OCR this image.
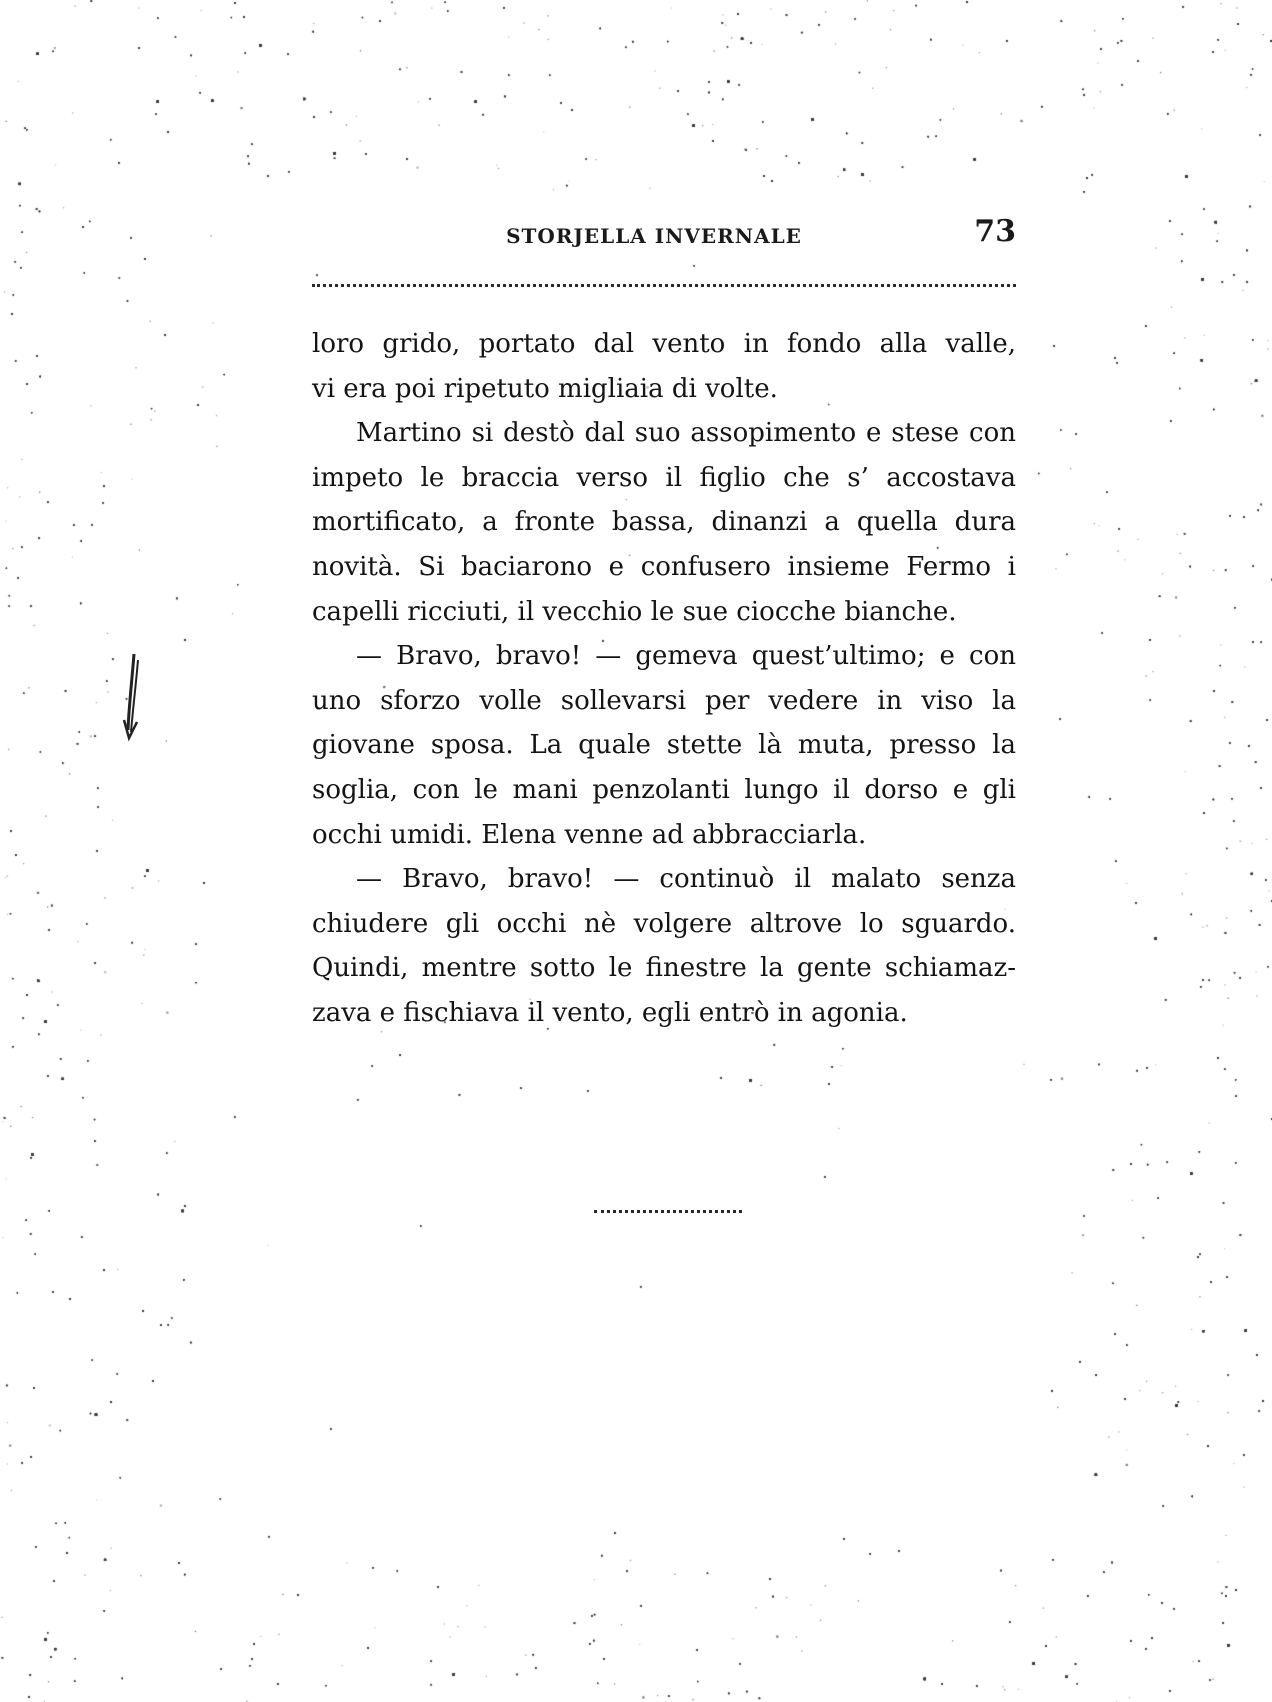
STORJELLA INVERNALE	73
loro grido, portato dal vento in fondo alla valle,
vi era poi ripetuto migliaia di volte.
Martino si destò dal suo assopimento e stese con
impeto le braccia verso il figlio che s’ accostava
mortificato, a fronte bassa, dinanzi a quella dura
novità. Si baciarono e confusero insieme Fermo i
capelli ricciuti, il vecchio le sue ciocche bianche.
— Bravo, bravo! — gemeva quest’ultimo; e con
uno sforzo volle sollevarsi per vedere in viso la
giovane sposa. La quale stette là muta, presso la
soglia, con le mani penzolanti lungo il dorso e gli
occhi umidi. Elena venne ad abbracciarla.
— Bravo, bravo! — continuò il malato senza
chiudere gli occhi nè volgere altrove lo sguardo.
Quindi, mentre sotto le finestre la gente schiamaz-
zava e fischiava il vento, egli entrò in agonia.
